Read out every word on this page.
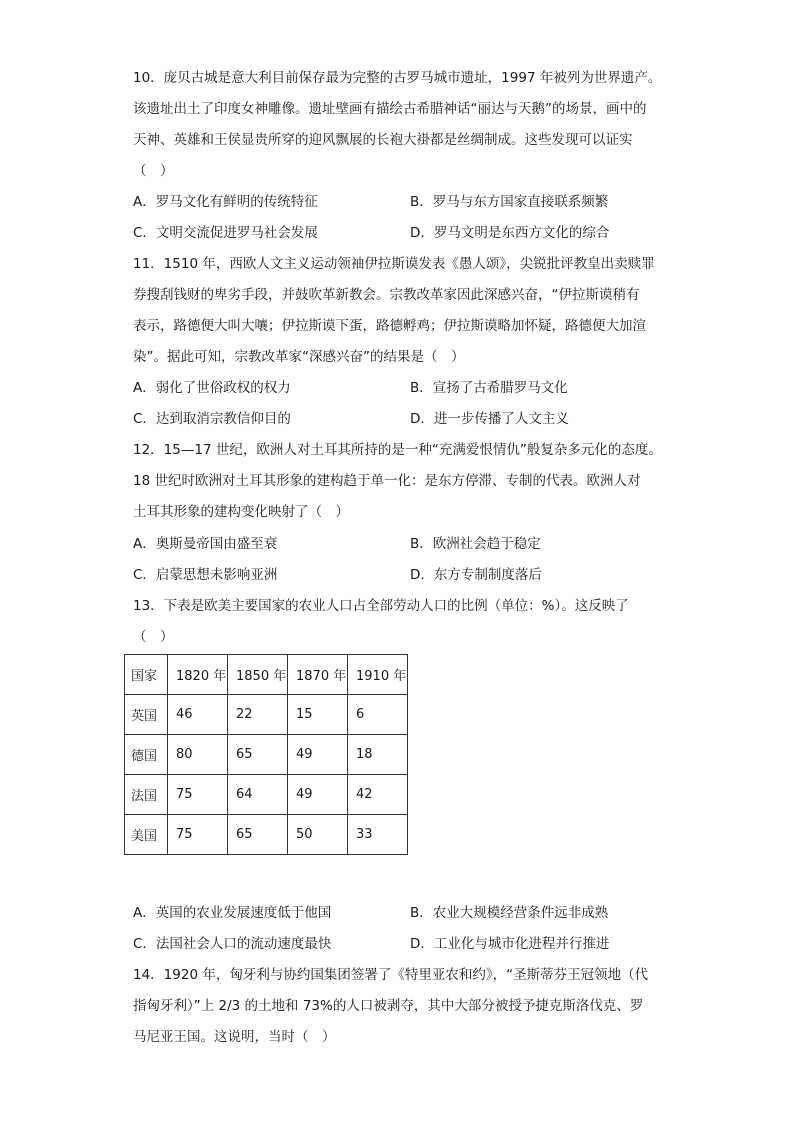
10．庞贝古城是意大利目前保存最为完整的古罗马城市遗址，1997 年被列为世界遗产。
该遗址出土了印度女神雕像。遗址壁画有描绘古希腊神话“丽达与天鹅”的场景，画中的
天神、英雄和王侯显贵所穿的迎风飘展的长袍大褂都是丝绸制成。这些发现可以证实
（　）
A．罗马文化有鲜明的传统特征	B．罗马与东方国家直接联系频繁
C．文明交流促进罗马社会发展	D．罗马文明是东西方文化的综合
11．1510 年，西欧人文主义运动领袖伊拉斯谟发表《愚人颂》，尖锐批评教皇出卖赎罪
券搜刮钱财的卑劣手段，并鼓吹革新教会。宗教改革家因此深感兴奋，“伊拉斯谟稍有
表示，路德便大叫大嚷；伊拉斯谟下蛋，路德孵鸡；伊拉斯谟略加怀疑，路德便大加渲
染”。据此可知，宗教改革家“深感兴奋”的结果是（　）
A．弱化了世俗政权的权力	B．宣扬了古希腊罗马文化
C．达到取消宗教信仰目的	D．进一步传播了人文主义
12．15—17 世纪，欧洲人对土耳其所持的是一种“充满爱恨情仇”般复杂多元化的态度。
18 世纪时欧洲对土耳其形象的建构趋于单一化：是东方停滞、专制的代表。欧洲人对
土耳其形象的建构变化映射了（　）
A．奥斯曼帝国由盛至衰	B．欧洲社会趋于稳定
C．启蒙思想未影响亚洲	D．东方专制制度落后
13．下表是欧美主要国家的农业人口占全部劳动人口的比例（单位：%）。这反映了
（　）
国家	1820 年	1850 年	1870 年	1910 年
英国	46	22	15	6
德国	80	65	49	18
法国	75	64	49	42
美国	75	65	50	33
A．英国的农业发展速度低于他国	B．农业大规模经营条件远非成熟
C．法国社会人口的流动速度最快	D．工业化与城市化进程并行推进
14．1920 年，匈牙利与协约国集团签署了《特里亚农和约》，“圣斯蒂芬王冠领地（代
指匈牙利）”上 2/3 的土地和 73%的人口被剥夺，其中大部分被授予捷克斯洛伐克、罗
马尼亚王国。这说明，当时（　）
